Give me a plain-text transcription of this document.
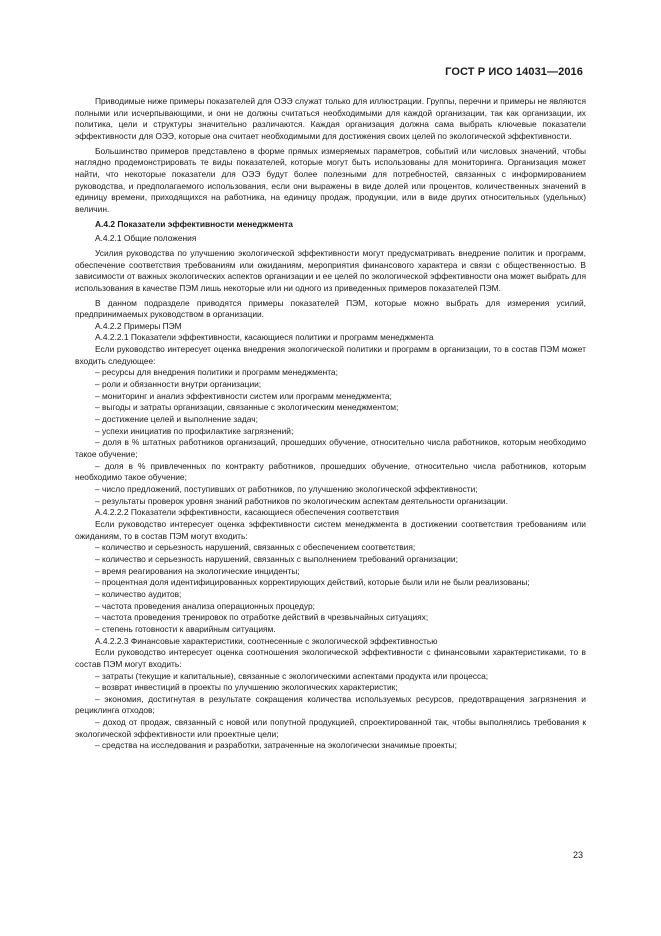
ГОСТ Р ИСО 14031—2016

Приводимые ниже примеры показателей для ОЭЭ служат только для иллюстрации. Группы, перечни и примеры не являются полными или исчерпывающими, и они не должны считаться необходимыми для каждой организации, так как организации, их политика, цели и структуры значительно различаются. Каждая организация должна сама выбрать ключевые показатели эффективности для ОЭЭ, которые она считает необходимыми для достижения своих целей по экологической эффективности.

Большинство примеров представлено в форме прямых измеряемых параметров, событий или числовых значений, чтобы наглядно продемонстрировать те виды показателей, которые могут быть использованы для мониторинга. Организация может найти, что некоторые показатели для ОЭЭ будут более полезными для потребностей, связанных с информированием руководства, и предполагаемого использования, если они выражены в виде долей или процентов, количественных значений в единицу времени, приходящихся на работника, на единицу продаж, продукции, или в виде других относительных (удельных) величин.

А.4.2 Показатели эффективности менеджмента

А.4.2.1 Общие положения

Усилия руководства по улучшению экологической эффективности могут предусматривать внедрение политик и программ, обеспечение соответствия требованиям или ожиданиям, мероприятия финансового характера и связи с общественностью. В зависимости от важных экологических аспектов организации и ее целей по экологической эффективности она может выбрать для использования в качестве ПЭМ лишь некоторые или ни одного из приведенных примеров показателей ПЭМ.

В данном подразделе приводятся примеры показателей ПЭМ, которые можно выбрать для измерения усилий, предпринимаемых руководством в организации.

А.4.2.2 Примеры ПЭМ

А.4.2.2.1 Показатели эффективности, касающиеся политики и программ менеджмента

Если руководство интересует оценка внедрения экологической политики и программ в организации, то в состав ПЭМ может входить следующее:

– ресурсы для внедрения политики и программ менеджмента;

– роли и обязанности внутри организации;

– мониторинг и анализ эффективности систем или программ менеджмента;

– выгоды и затраты организации, связанные с экологическим менеджментом;

– достижение целей и выполнение задач;

– успехи инициатив по профилактике загрязнений;

– доля в % штатных работников организаций, прошедших обучение, относительно числа работников, которым необходимо такое обучение;

– доля в % привлеченных по контракту работников, прошедших обучение, относительно числа работников, которым необходимо такое обучение;

– число предложений, поступивших от работников, по улучшению экологической эффективности;

– результаты проверок уровня знаний работников по экологическим аспектам деятельности организации.

А.4.2.2.2 Показатели эффективности, касающиеся обеспечения соответствия

Если руководство интересует оценка эффективности систем менеджмента в достижении соответствия требованиям или ожиданиям, то в состав ПЭМ могут входить:

– количество и серьезность нарушений, связанных с обеспечением соответствия;

– количество и серьезность нарушений, связанных с выполнением требований организации;

– время реагирования на экологические инциденты;

– процентная доля идентифицированных корректирующих действий, которые были или не были реализованы;

– количество аудитов;

– частота проведения анализа операционных процедур;

– частота проведения тренировок по отработке действий в чрезвычайных ситуациях;

– степень готовности к аварийным ситуациям.

А.4.2.2.3 Финансовые характеристики, соотнесенные с экологической эффективностью

Если руководство интересует оценка соотношения экологической эффективности с финансовыми характеристиками, то в состав ПЭМ могут входить:

– затраты (текущие и капитальные), связанные с экологическими аспектами продукта или процесса;

– возврат инвестиций в проекты по улучшению экологических характеристик;

– экономия, достигнутая в результате сокращения количества используемых ресурсов, предотвращения загрязнения и рециклинга отходов;

– доход от продаж, связанный с новой или попутной продукцией, спроектированной так, чтобы выполнялись требования к экологической эффективности или проектные цели;

– средства на исследования и разработки, затраченные на экологически значимые проекты;

23
